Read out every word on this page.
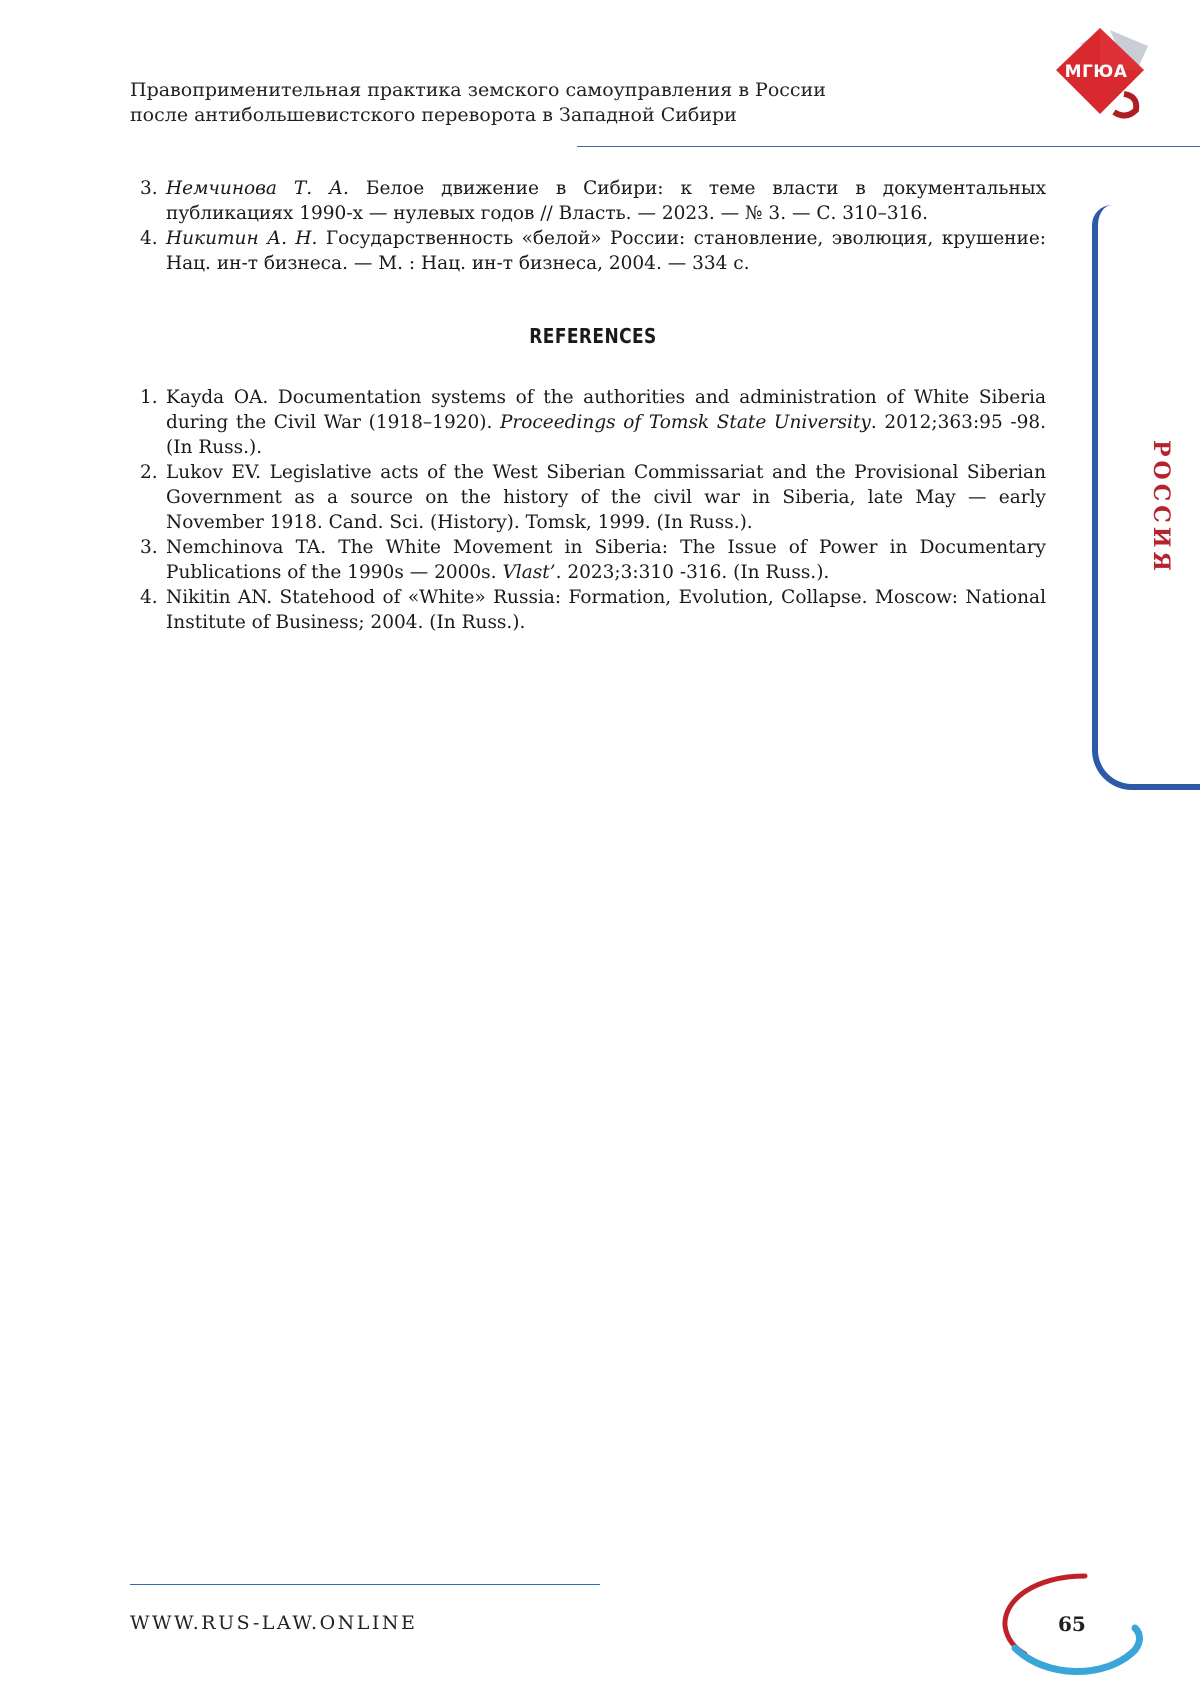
Правоприменительная практика земского самоуправления в России
после антибольшевистского переворота в Западной Сибири
МГЮА
РОССИЯ
3. Немчинова Т. А. Белое движение в Сибири: к теме власти в документальных публикациях 1990-х — нулевых годов // Власть. — 2023. — № 3. — С. 310–316.
4. Никитин А. Н. Государственность «белой» России: становление, эволюция, крушение: Нац. ин-т бизнеса. — М. : Нац. ин-т бизнеса, 2004. — 334 с.
REFERENCES
1. Kayda OA. Documentation systems of the authorities and administration of White Siberia during the Civil War (1918–1920). Proceedings of Tomsk State University. 2012;363:95 -98. (In Russ.).
2. Lukov EV. Legislative acts of the West Siberian Commissariat and the Provisional Siberian Government as a source on the history of the civil war in Siberia, late May — early November 1918. Cand. Sci. (History). Tomsk, 1999. (In Russ.).
3. Nemchinova TA. The White Movement in Siberia: The Issue of Power in Documentary Publications of the 1990s — 2000s. Vlast’. 2023;3:310 -316. (In Russ.).
4. Nikitin AN. Statehood of «White» Russia: Formation, Evolution, Collapse. Moscow: National Institute of Business; 2004. (In Russ.).
WWW.RUS-LAW.ONLINE	65
